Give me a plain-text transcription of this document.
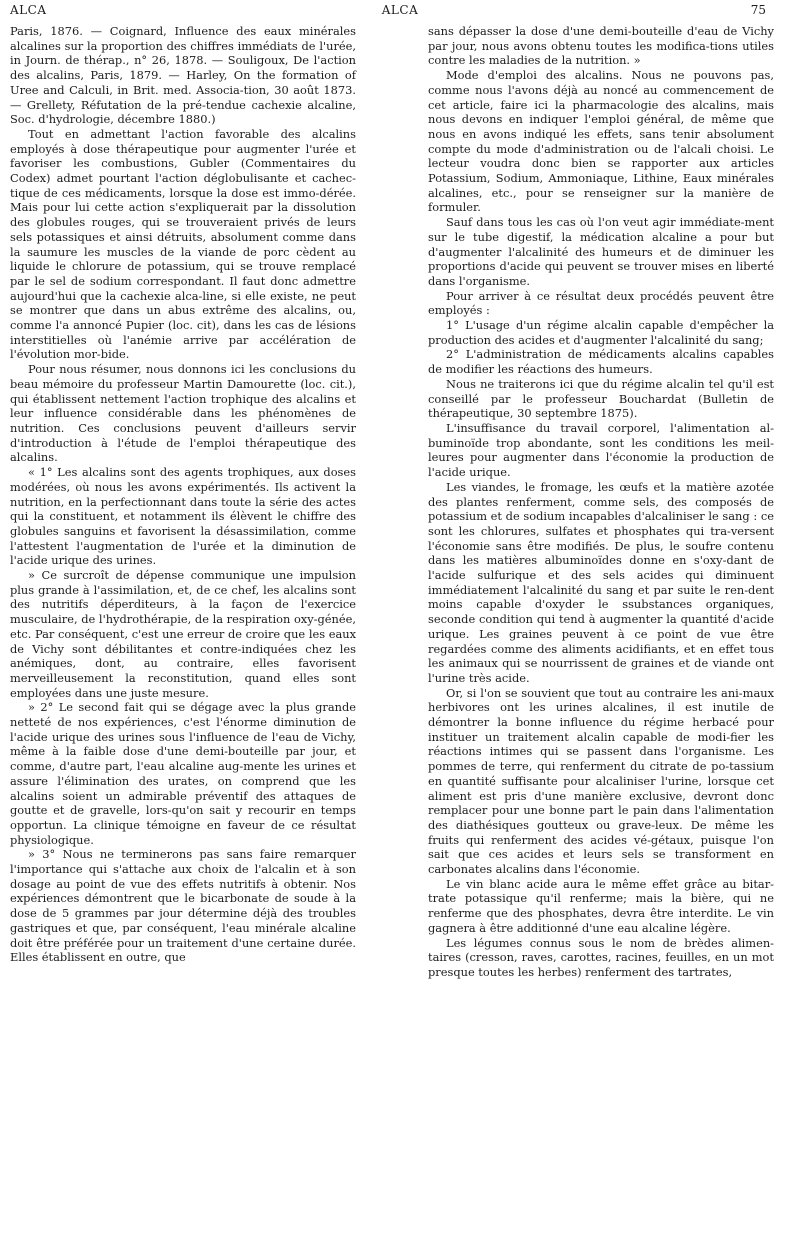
ALCA	ALCA	75

Paris, 1876. — Coignard, Influence des eaux minérales alcalines sur la proportion des chiffres immédiats de l'urée, in Journ. de thérap., n° 26, 1878. — Souligoux, De l'action des alcalins, Paris, 1879. — Harley, On the formation of Uree and Calculi, in Brit. med. Associa-tion, 30 août 1873. — Grellety, Réfutation de la pré-tendue cachexie alcaline, Soc. d'hydrologie, décembre 1880.)

Tout en admettant l'action favorable des alcalins employés à dose thérapeutique pour augmenter l'urée et favoriser les combustions, Gubler (Commentaires du Codex) admet pourtant l'action déglobulisante et cachec-tique de ces médicaments, lorsque la dose est immo-dérée. Mais pour lui cette action s'expliquerait par la dissolution des globules rouges, qui se trouveraient privés de leurs sels potassiques et ainsi détruits, absolument comme dans la saumure les muscles de la viande de porc cèdent au liquide le chlorure de potassium, qui se trouve remplacé par le sel de sodium correspondant. Il faut donc admettre aujourd'hui que la cachexie alca-line, si elle existe, ne peut se montrer que dans un abus extrême des alcalins, ou, comme l'a annoncé Pupier (loc. cit), dans les cas de lésions interstitielles où l'anémie arrive par accélération de l'évolution mor-bide.

Pour nous résumer, nous donnons ici les conclusions du beau mémoire du professeur Martin Damourette (loc. cit.), qui établissent nettement l'action trophique des alcalins et leur influence considérable dans les phénomènes de nutrition. Ces conclusions peuvent d'ailleurs servir d'introduction à l'étude de l'emploi thérapeutique des alcalins.

« 1° Les alcalins sont des agents trophiques, aux doses modérées, où nous les avons expérimentés. Ils activent la nutrition, en la perfectionnant dans toute la série des actes qui la constituent, et notamment ils élèvent le chiffre des globules sanguins et favorisent la désassimilation, comme l'attestent l'augmentation de l'urée et la diminution de l'acide urique des urines.

» Ce surcroît de dépense communique une impulsion plus grande à l'assimilation, et, de ce chef, les alcalins sont des nutritifs déperditeurs, à la façon de l'exercice musculaire, de l'hydrothérapie, de la respiration oxy-génée, etc. Par conséquent, c'est une erreur de croire que les eaux de Vichy sont débilitantes et contre-indiquées chez les anémiques, dont, au contraire, elles favorisent merveilleusement la reconstitution, quand elles sont employées dans une juste mesure.

» 2° Le second fait qui se dégage avec la plus grande netteté de nos expériences, c'est l'énorme diminution de l'acide urique des urines sous l'influence de l'eau de Vichy, même à la faible dose d'une demi-bouteille par jour, et comme, d'autre part, l'eau alcaline aug-mente les urines et assure l'élimination des urates, on comprend que les alcalins soient un admirable préventif des attaques de goutte et de gravelle, lors-qu'on sait y recourir en temps opportun. La clinique témoigne en faveur de ce résultat physiologique.

» 3° Nous ne terminerons pas sans faire remarquer l'importance qui s'attache aux choix de l'alcalin et à son dosage au point de vue des effets nutritifs à obtenir. Nos expériences démontrent que le bicarbonate de soude à la dose de 5 grammes par jour détermine déjà des troubles gastriques et que, par conséquent, l'eau minérale alcaline doit être préférée pour un traitement d'une certaine durée. Elles établissent en outre, que

sans dépasser la dose d'une demi-bouteille d'eau de Vichy par jour, nous avons obtenu toutes les modifica-tions utiles contre les maladies de la nutrition. »

Mode d'emploi des alcalins. Nous ne pouvons pas, comme nous l'avons déjà au noncé au commencement de cet article, faire ici la pharmacologie des alcalins, mais nous devons en indiquer l'emploi général, de même que nous en avons indiqué les effets, sans tenir absolument compte du mode d'administration ou de l'alcali choisi. Le lecteur voudra donc bien se rapporter aux articles Potassium, Sodium, Ammoniaque, Lithine, Eaux minérales alcalines, etc., pour se renseigner sur la manière de formuler.

Sauf dans tous les cas où l'on veut agir immédiate-ment sur le tube digestif, la médication alcaline a pour but d'augmenter l'alcalinité des humeurs et de diminuer les proportions d'acide qui peuvent se trouver mises en liberté dans l'organisme.

Pour arriver à ce résultat deux procédés peuvent être employés :

1° L'usage d'un régime alcalin capable d'empêcher la production des acides et d'augmenter l'alcalinité du sang;

2° L'administration de médicaments alcalins capables de modifier les réactions des humeurs.

Nous ne traiterons ici que du régime alcalin tel qu'il est conseillé par le professeur Bouchardat (Bulletin de thérapeutique, 30 septembre 1875).

L'insuffisance du travail corporel, l'alimentation al-buminoïde trop abondante, sont les conditions les meil-leures pour augmenter dans l'économie la production de l'acide urique.

Les viandes, le fromage, les œufs et la matière azotée des plantes renferment, comme sels, des composés de potassium et de sodium incapables d'alcaliniser le sang : ce sont les chlorures, sulfates et phosphates qui tra-versent l'économie sans être modifiés. De plus, le soufre contenu dans les matières albuminoïdes donne en s'oxy-dant de l'acide sulfurique et des sels acides qui diminuent immédiatement l'alcalinité du sang et par suite le ren-dent moins capable d'oxyder le ssubstances organiques, seconde condition qui tend à augmenter la quantité d'acide urique. Les graines peuvent à ce point de vue être regardées comme des aliments acidifiants, et en effet tous les animaux qui se nourrissent de graines et de viande ont l'urine très acide.

Or, si l'on se souvient que tout au contraire les ani-maux herbivores ont les urines alcalines, il est inutile de démontrer la bonne influence du régime herbacé pour instituer un traitement alcalin capable de modi-fier les réactions intimes qui se passent dans l'organisme. Les pommes de terre, qui renferment du citrate de po-tassium en quantité suffisante pour alcaliniser l'urine, lorsque cet aliment est pris d'une manière exclusive, devront donc remplacer pour une bonne part le pain dans l'alimentation des diathésiques goutteux ou grave-leux. De même les fruits qui renferment des acides vé-gétaux, puisque l'on sait que ces acides et leurs sels se transforment en carbonates alcalins dans l'économie.

Le vin blanc acide aura le même effet grâce au bitar-trate potassique qu'il renferme; mais la bière, qui ne renferme que des phosphates, devra être interdite. Le vin gagnera à être additionné d'une eau alcaline légère.

Les légumes connus sous le nom de brèdes alimen-taires (cresson, raves, carottes, racines, feuilles, en un mot presque toutes les herbes) renferment des tartrates,
